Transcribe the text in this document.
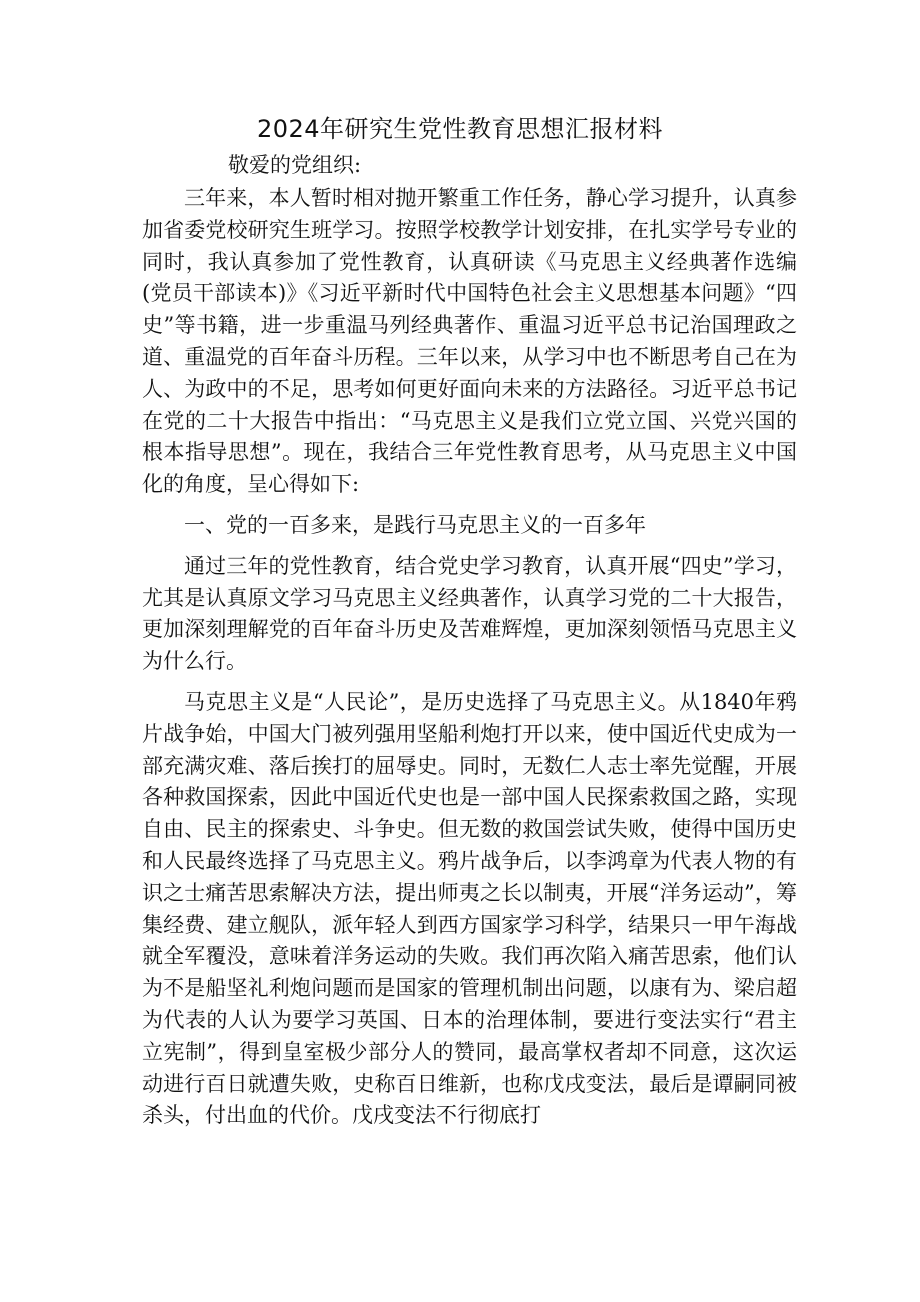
2024年研究生党性教育思想汇报材料

敬爱的党组织:

三年来，本人暂时相对抛开繁重工作任务，静心学习提升，认真参加省委党校研究生班学习。按照学校教学计划安排，在扎实学号专业的同时，我认真参加了党性教育，认真研读《马克思主义经典著作选编(党员干部读本)》《习近平新时代中国特色社会主义思想基本问题》“四史”等书籍，进一步重温马列经典著作、重温习近平总书记治国理政之道、重温党的百年奋斗历程。三年以来，从学习中也不断思考自己在为人、为政中的不足，思考如何更好面向未来的方法路径。习近平总书记在党的二十大报告中指出：“马克思主义是我们立党立国、兴党兴国的根本指导思想”。现在，我结合三年党性教育思考，从马克思主义中国化的角度，呈心得如下:

一、党的一百多来，是践行马克思主义的一百多年

通过三年的党性教育，结合党史学习教育，认真开展“四史”学习，尤其是认真原文学习马克思主义经典著作，认真学习党的二十大报告，更加深刻理解党的百年奋斗历史及苦难辉煌，更加深刻领悟马克思主义为什么行。

马克思主义是“人民论”，是历史选择了马克思主义。从1840年鸦片战争始，中国大门被列强用坚船利炮打开以来，使中国近代史成为一部充满灾难、落后挨打的屈辱史。同时，无数仁人志士率先觉醒，开展各种救国探索，因此中国近代史也是一部中国人民探索救国之路，实现自由、民主的探索史、斗争史。但无数的救国尝试失败，使得中国历史和人民最终选择了马克思主义。鸦片战争后，以李鸿章为代表人物的有识之士痛苦思索解决方法，提出师夷之长以制夷，开展“洋务运动”，筹集经费、建立舰队，派年轻人到西方国家学习科学，结果只一甲午海战就全军覆没，意味着洋务运动的失败。我们再次陷入痛苦思索，他们认为不是船坚礼利炮问题而是国家的管理机制出问题，以康有为、梁启超为代表的人认为要学习英国、日本的治理体制，要进行变法实行“君主立宪制”，得到皇室极少部分人的赞同，最高掌权者却不同意，这次运动进行百日就遭失败，史称百日维新，也称戊戌变法，最后是谭嗣同被杀头，付出血的代价。戊戌变法不行彻底打
